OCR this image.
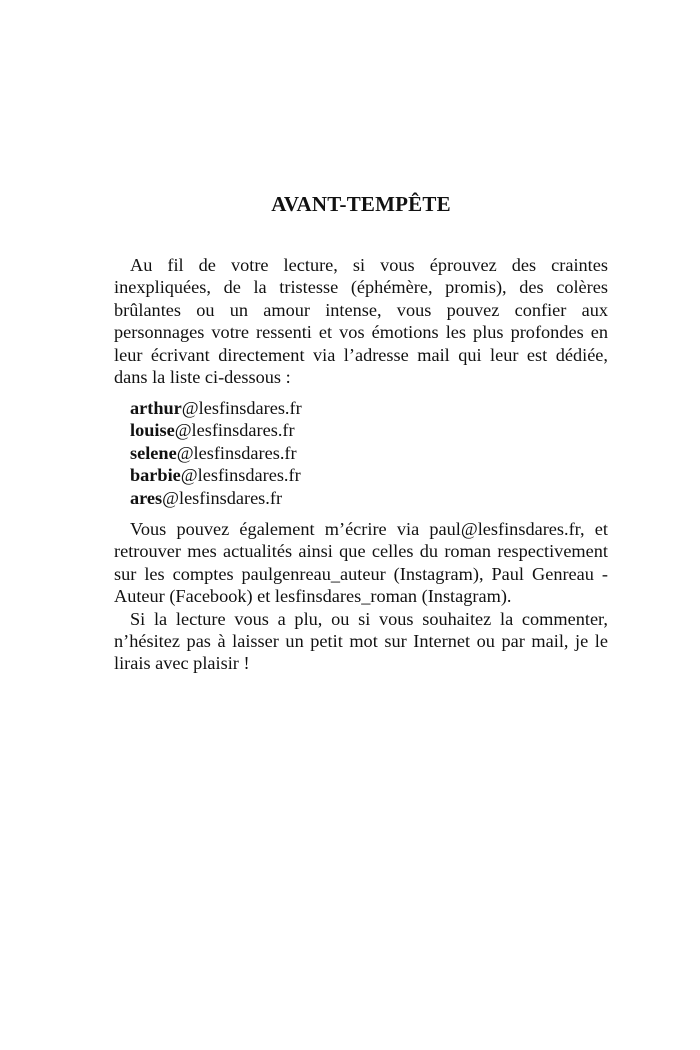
AVANT-TEMPÊTE

Au fil de votre lecture, si vous éprouvez des craintes inexpliquées, de la tristesse (éphémère, promis), des colères brûlantes ou un amour intense, vous pouvez confier aux personnages votre ressenti et vos émotions les plus profondes en leur écrivant directement via l’adresse mail qui leur est dédiée, dans la liste ci-dessous :

arthur@lesfinsdares.fr
louise@lesfinsdares.fr
selene@lesfinsdares.fr
barbie@lesfinsdares.fr
ares@lesfinsdares.fr

Vous pouvez également m’écrire via paul@lesfinsdares.fr, et retrouver mes actualités ainsi que celles du roman respectivement sur les comptes paulgenreau_auteur (Instagram), Paul Genreau - Auteur (Facebook) et lesfinsdares_roman (Instagram).

Si la lecture vous a plu, ou si vous souhaitez la commenter, n’hésitez pas à laisser un petit mot sur Internet ou par mail, je le lirais avec plaisir !
